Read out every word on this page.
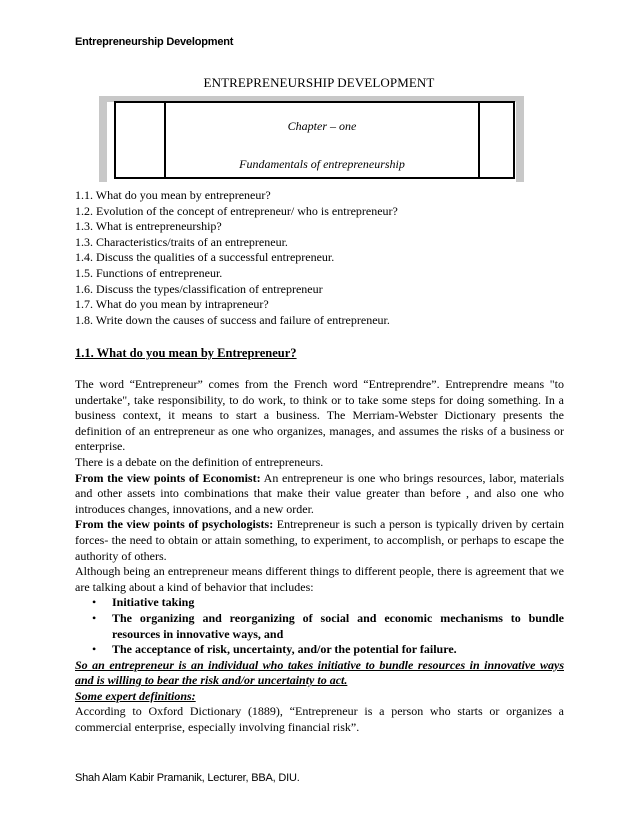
Entrepreneurship Development
ENTREPRENEURSHIP DEVELOPMENT
Chapter – one
Fundamentals of entrepreneurship
1.1. What do you mean by entrepreneur?
1.2. Evolution of the concept of entrepreneur/ who is entrepreneur?
1.3. What is entrepreneurship?
1.3. Characteristics/traits of an entrepreneur.
1.4. Discuss the qualities of a successful entrepreneur.
1.5. Functions of entrepreneur.
1.6. Discuss the types/classification of entrepreneur
1.7. What do you mean by intrapreneur?
1.8. Write down the causes of success and failure of entrepreneur.
1.1. What do you mean by Entrepreneur?

The word “Entrepreneur” comes from the French word “Entreprendre”. Entreprendre means "to undertake", take responsibility, to do work, to think or to take some steps for doing something. In a business context, it means to start a business. The Merriam-Webster Dictionary presents the definition of an entrepreneur as one who organizes, manages, and assumes the risks of a business or enterprise.

There is a debate on the definition of entrepreneurs.

From the view points of Economist: An entrepreneur is one who brings resources, labor, materials and other assets into combinations that make their value greater than before , and also one who introduces changes, innovations, and a new order.

From the view points of psychologists: Entrepreneur is such a person is typically driven by certain forces- the need to obtain or attain something, to experiment, to accomplish, or perhaps to escape the authority of others.

Although being an entrepreneur means different things to different people, there is agreement that we are talking about a kind of behavior that includes:

• Initiative taking
• The organizing and reorganizing of social and economic mechanisms to bundle resources in innovative ways, and
• The acceptance of risk, uncertainty, and/or the potential for failure.

So an entrepreneur is an individual who takes initiative to bundle resources in innovative ways and is willing to bear the risk and/or uncertainty to act.

Some expert definitions:

According to Oxford Dictionary (1889), “Entrepreneur is a person who starts or organizes a commercial enterprise, especially involving financial risk”.

Shah Alam Kabir Pramanik, Lecturer, BBA, DIU.
